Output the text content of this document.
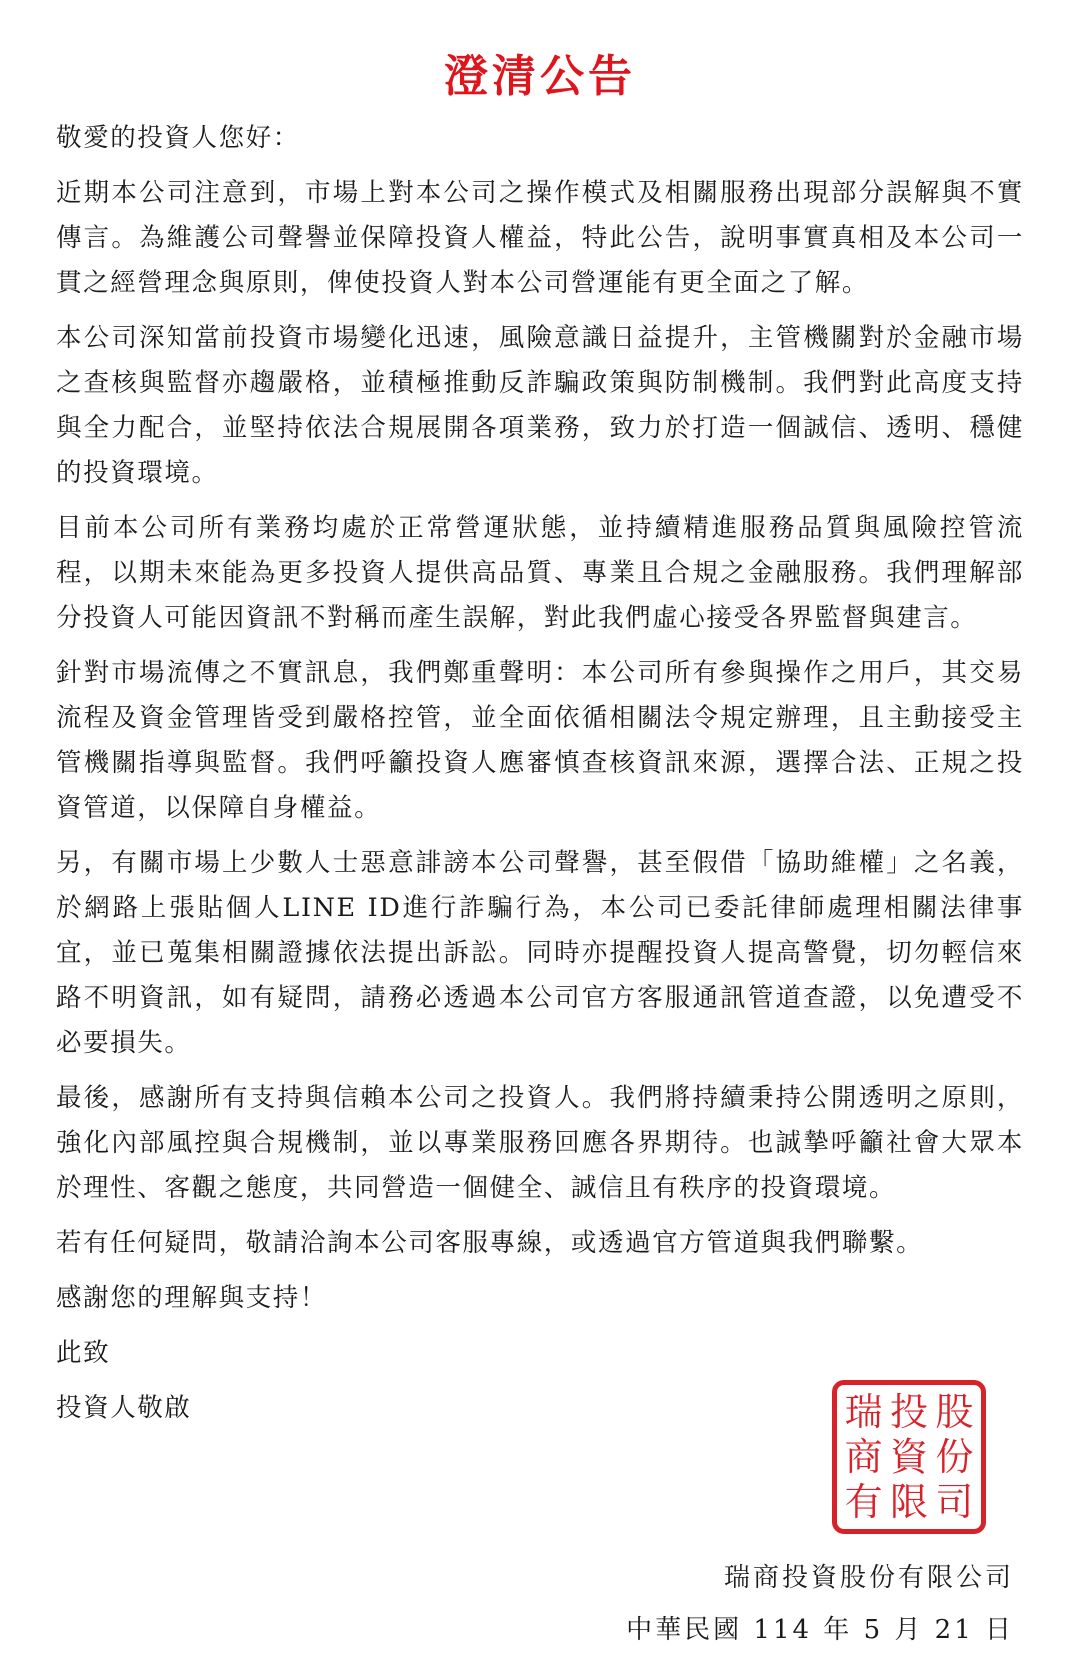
澄清公告

敬愛的投資人您好：

近期本公司注意到，市場上對本公司之操作模式及相關服務出現部分誤解與不實傳言。為維護公司聲譽並保障投資人權益，特此公告，說明事實真相及本公司一貫之經營理念與原則，俾使投資人對本公司營運能有更全面之了解。

本公司深知當前投資市場變化迅速，風險意識日益提升，主管機關對於金融市場之查核與監督亦趨嚴格，並積極推動反詐騙政策與防制機制。我們對此高度支持與全力配合，並堅持依法合規展開各項業務，致力於打造一個誠信、透明、穩健的投資環境。

目前本公司所有業務均處於正常營運狀態，並持續精進服務品質與風險控管流程，以期未來能為更多投資人提供高品質、專業且合規之金融服務。我們理解部分投資人可能因資訊不對稱而產生誤解，對此我們虛心接受各界監督與建言。

針對市場流傳之不實訊息，我們鄭重聲明：本公司所有參與操作之用戶，其交易流程及資金管理皆受到嚴格控管，並全面依循相關法令規定辦理，且主動接受主管機關指導與監督。我們呼籲投資人應審慎查核資訊來源，選擇合法、正規之投資管道，以保障自身權益。

另，有關市場上少數人士惡意誹謗本公司聲譽，甚至假借「協助維權」之名義，於網路上張貼個人LINE ID進行詐騙行為，本公司已委託律師處理相關法律事宜，並已蒐集相關證據依法提出訴訟。同時亦提醒投資人提高警覺，切勿輕信來路不明資訊，如有疑問，請務必透過本公司官方客服通訊管道查證，以免遭受不必要損失。

最後，感謝所有支持與信賴本公司之投資人。我們將持續秉持公開透明之原則，強化內部風控與合規機制，並以專業服務回應各界期待。也誠摯呼籲社會大眾本於理性、客觀之態度，共同營造一個健全、誠信且有秩序的投資環境。

若有任何疑問，敬請洽詢本公司客服專線，或透過官方管道與我們聯繫。

感謝您的理解與支持！

此致

投資人敬啟	瑞 投 股
商 資 份
有 限 司

瑞商投資股份有限公司

中華民國 114 年 5 月 21 日
